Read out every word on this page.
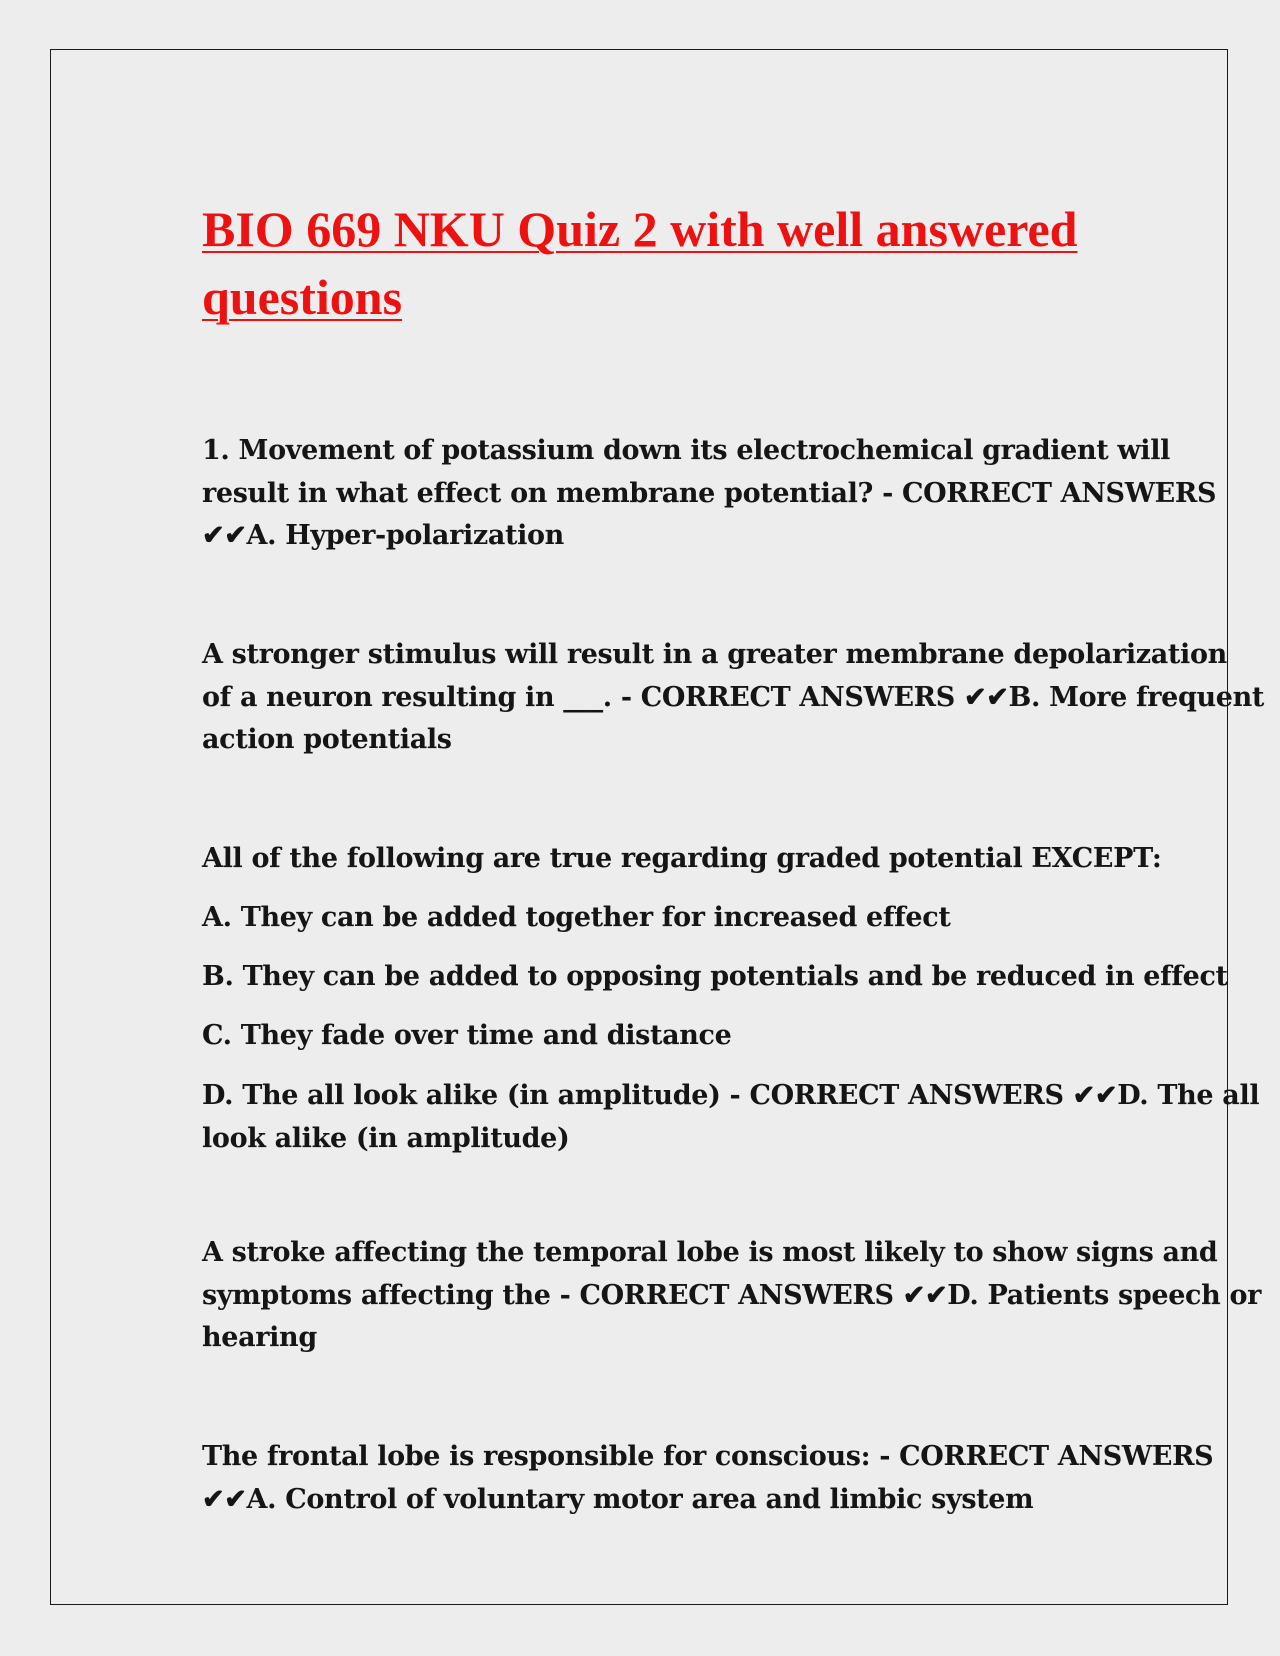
BIO 669 NKU Quiz 2 with well answered questions

1. Movement of potassium down its electrochemical gradient will
result in what effect on membrane potential? - CORRECT ANSWERS
✔✔A. Hyper-polarization

A stronger stimulus will result in a greater membrane depolarization
of a neuron resulting in ___. - CORRECT ANSWERS ✔✔B. More frequent
action potentials

All of the following are true regarding graded potential EXCEPT:

A. They can be added together for increased effect

B. They can be added to opposing potentials and be reduced in effect

C. They fade over time and distance

D. The all look alike (in amplitude) - CORRECT ANSWERS ✔✔D. The all
look alike (in amplitude)

A stroke affecting the temporal lobe is most likely to show signs and
symptoms affecting the - CORRECT ANSWERS ✔✔D. Patients speech or
hearing

The frontal lobe is responsible for conscious: - CORRECT ANSWERS
✔✔A. Control of voluntary motor area and limbic system
